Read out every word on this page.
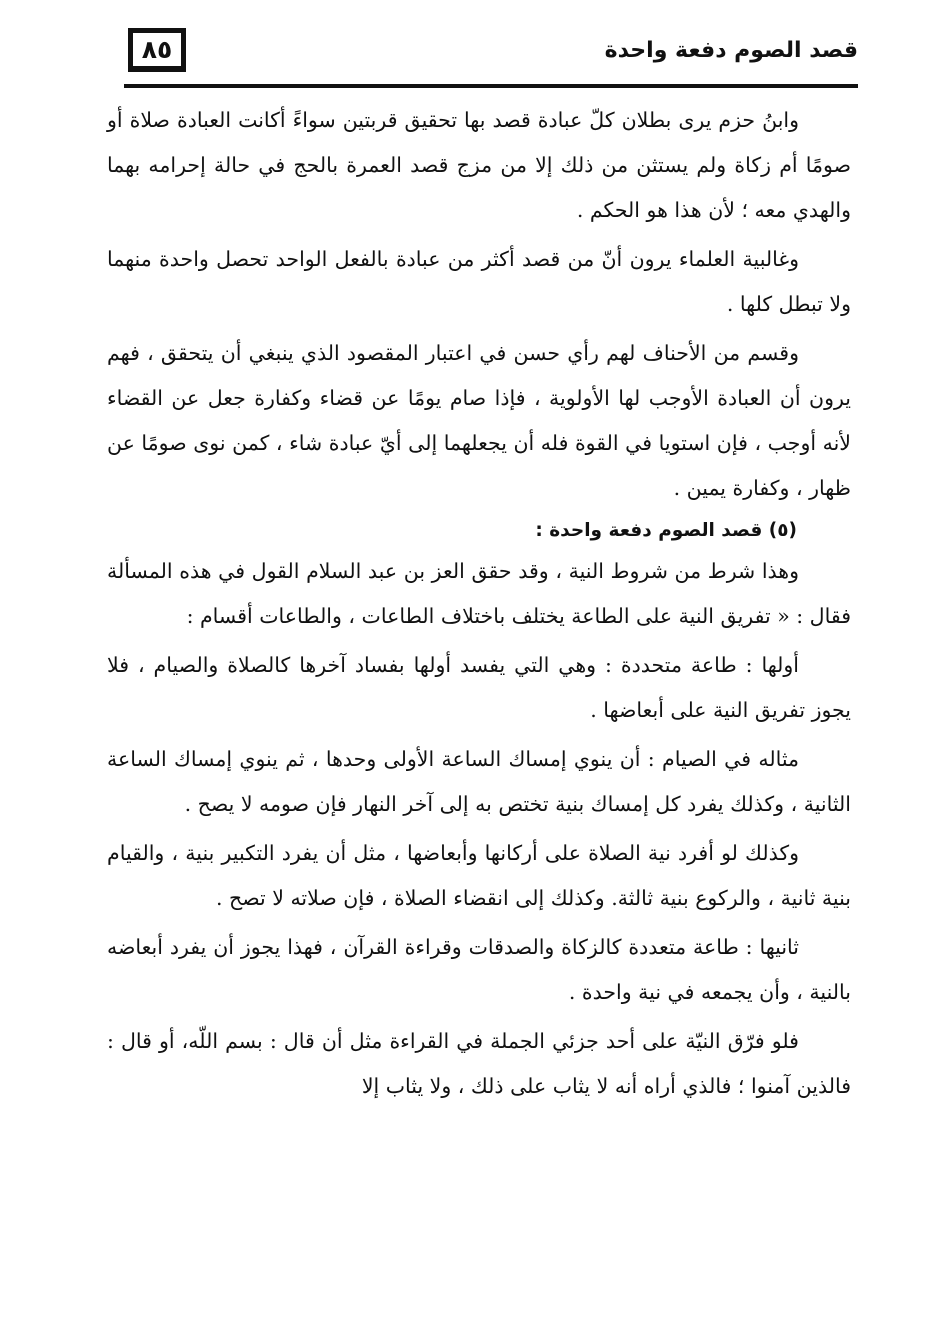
٨٥	قصد الصوم دفعة واحدة

وابنُ حزم يرى بطلان كلّ عبادة قصد بها تحقيق قربتين سواءً أكانت العبادة صلاة أو صومًا أم زكاة ولم يستثن من ذلك إلا من مزج قصد العمرة بالحج في حالة إحرامه بهما والهدي معه ؛ لأن هذا هو الحكم .

وغالبية العلماء يرون أنّ من قصد أكثر من عبادة بالفعل الواحد تحصل واحدة منهما ولا تبطل كلها .

وقسم من الأحناف لهم رأي حسن في اعتبار المقصود الذي ينبغي أن يتحقق ، فهم يرون أن العبادة الأوجب لها الأولوية ، فإذا صام يومًا عن قضاء وكفارة جعل عن القضاء لأنه أوجب ، فإن استويا في القوة فله أن يجعلهما إلى أيّ عبادة شاء ، كمن نوى صومًا عن ظهار ، وكفارة يمين .

(٥) قصد الصوم دفعة واحدة :

وهذا شرط من شروط النية ، وقد حقق العز بن عبد السلام القول في هذه المسألة فقال : « تفريق النية على الطاعة يختلف باختلاف الطاعات ، والطاعات أقسام :

أولها : طاعة متحددة : وهي التي يفسد أولها بفساد آخرها كالصلاة والصيام ، فلا يجوز تفريق النية على أبعاضها .

مثاله في الصيام : أن ينوي إمساك الساعة الأولى وحدها ، ثم ينوي إمساك الساعة الثانية ، وكذلك يفرد كل إمساك بنية تختص به إلى آخر النهار فإن صومه لا يصح .

وكذلك لو أفرد نية الصلاة على أركانها وأبعاضها ، مثل أن يفرد التكبير بنية ، والقيام بنية ثانية ، والركوع بنية ثالثة. وكذلك إلى انقضاء الصلاة ، فإن صلاته لا تصح .

ثانيها : طاعة متعددة كالزكاة والصدقات وقراءة القرآن ، فهذا يجوز أن يفرد أبعاضه بالنية ، وأن يجمعه في نية واحدة .

فلو فرّق النيّة على أحد جزئي الجملة في القراءة مثل أن قال : بسم اللّه، أو قال : فالذين آمنوا ؛ فالذي أراه أنه لا يثاب على ذلك ، ولا يثاب إلا
